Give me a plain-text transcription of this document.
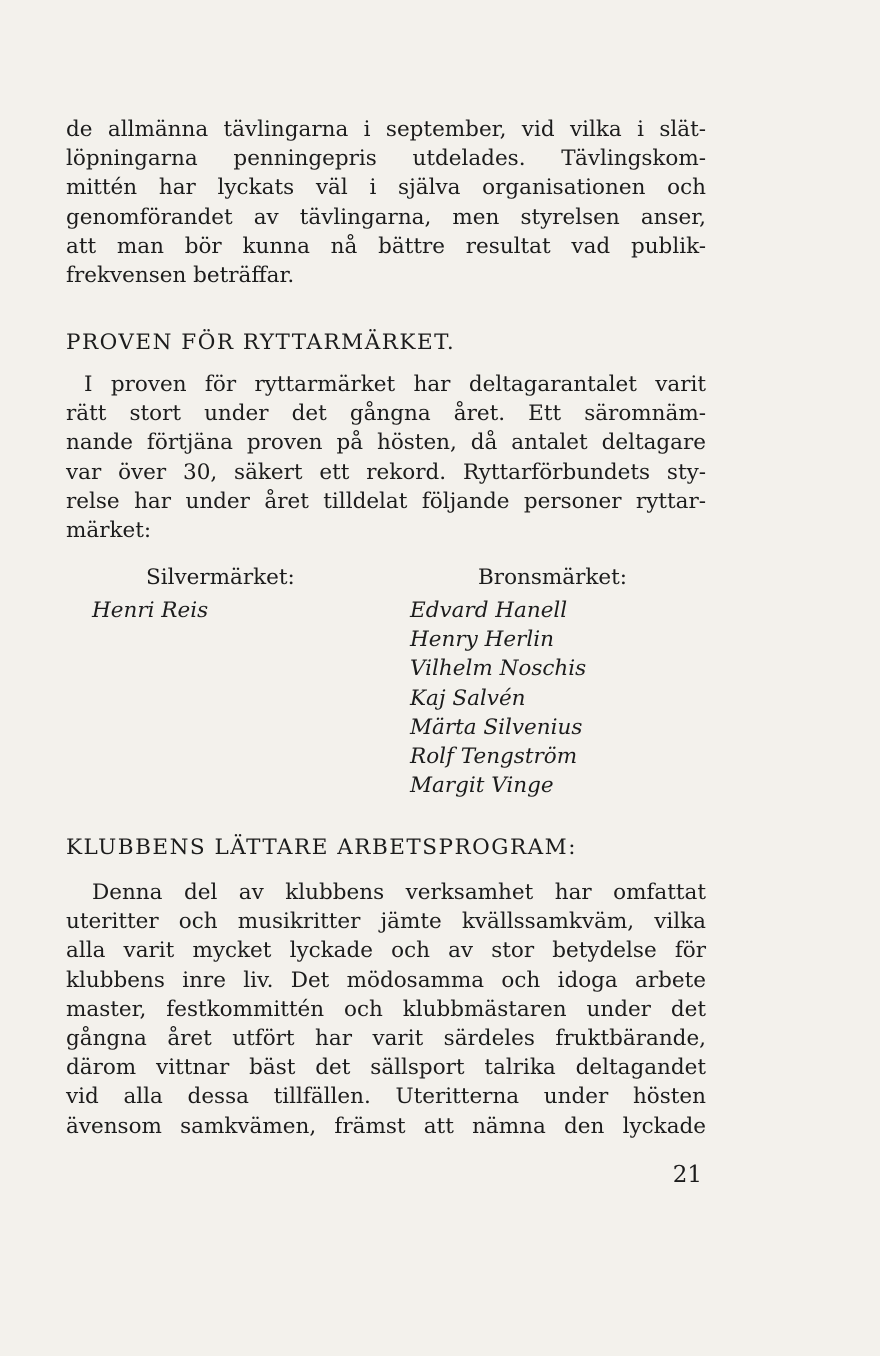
de allmänna tävlingarna i september, vid vilka i slät-
löpningarna penningepris utdelades. Tävlingskom-
mittén har lyckats väl i själva organisationen och
genomförandet av tävlingarna, men styrelsen anser,
att man bör kunna nå bättre resultat vad publik-
frekvensen beträffar.
PROVEN FÖR RYTTARMÄRKET.
I proven för ryttarmärket har deltagarantalet varit
rätt stort under det gångna året. Ett säromnäm-
nande förtjäna proven på hösten, då antalet deltagare
var över 30, säkert ett rekord. Ryttarförbundets sty-
relse har under året tilldelat följande personer ryttar-
märket:
Silvermärket:	Bronsmärket:
Henri Reis	Edvard Hanell
Henry Herlin
Vilhelm Noschis
Kaj Salvén
Märta Silvenius
Rolf Tengström
Margit Vinge
KLUBBENS LÄTTARE ARBETSPROGRAM:
Denna del av klubbens verksamhet har omfattat
uteritter och musikritter jämte kvällssamkväm, vilka
alla varit mycket lyckade och av stor betydelse för
klubbens inre liv. Det mödosamma och idoga arbete
master, festkommittén och klubbmästaren under det
gångna året utfört har varit särdeles fruktbärande,
därom vittnar bäst det sällsport talrika deltagandet
vid alla dessa tillfällen. Uteritterna under hösten
ävensom samkvämen, främst att nämna den lyckade
21
